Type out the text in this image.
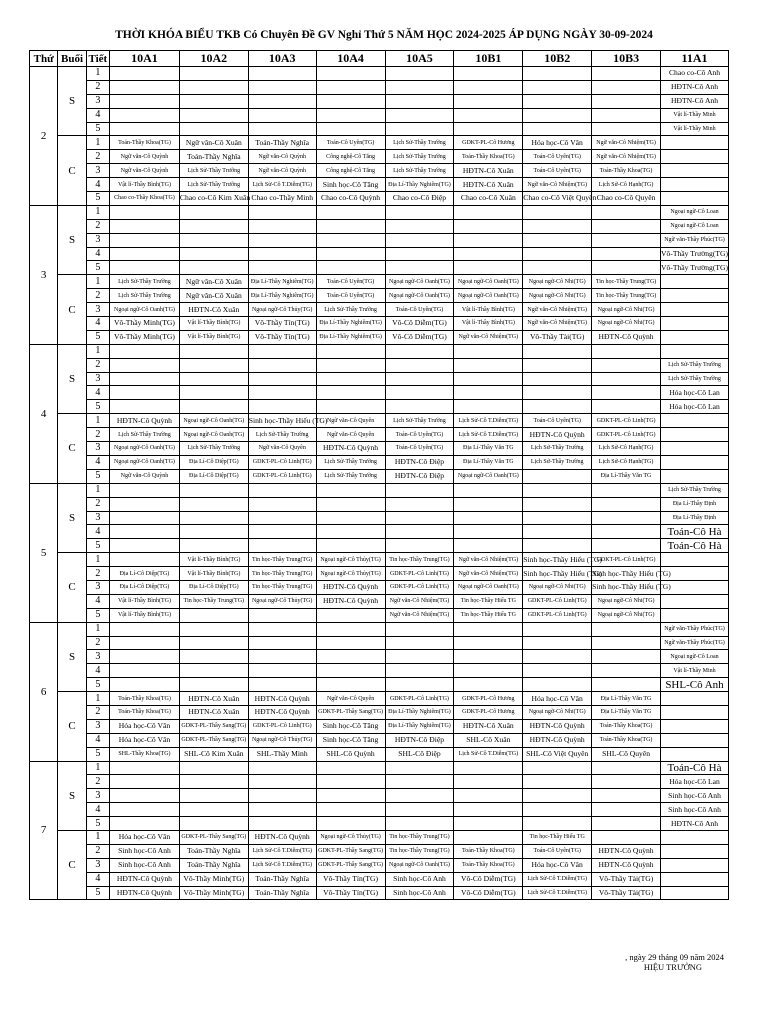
THỜI KHÓA BIỂU TKB Có Chuyên Đề GV Nghỉ Thứ 5 NĂM HỌC 2024-2025 ÁP DỤNG NGÀY 30-09-2024
Thứ	Buổi	Tiết	10A1	10A2	10A3	10A4	10A5	10B1	10B2	10B3	11A1
2	S	1									Chao co-Cô Anh
		2									HĐTN-Cô Anh
		3									HĐTN-Cô Anh
		4									Vật lí-Thầy Minh
		5									Vật lí-Thầy Minh
	C	1	Toán-Thầy Khoa(TG)	Ngữ văn-Cô Xuân	Toán-Thầy Nghĩa	Toán-Cô Uyên(TG)	Lịch Sử-Thầy Trường	GDKT-PL-Cô Hương	Hóa học-Cô Vân	Ngữ văn-Cô Nhiệm(TG)	
		2	Ngữ văn-Cô Quỳnh	Toán-Thầy Nghĩa	Ngữ văn-Cô Quỳnh	Công nghệ-Cô Tăng	Lịch Sử-Thầy Trường	Toán-Thầy Khoa(TG)	Toán-Cô Uyên(TG)	Ngữ văn-Cô Nhiệm(TG)	
		3	Ngữ văn-Cô Quỳnh	Lịch Sử-Thầy Trường	Ngữ văn-Cô Quỳnh	Công nghệ-Cô Tăng	Lịch Sử-Thầy Trường	HĐTN-Cô Xuân	Toán-Cô Uyên(TG)	Toán-Thầy Khoa(TG)	
		4	Vật lí-Thầy Bình(TG)	Lịch Sử-Thầy Trường	Lịch Sử-Cô T.Diễm(TG)	Sinh học-Cô Tăng	Địa Lí-Thầy Nghiêm(TG)	HĐTN-Cô Xuân	Ngữ văn-Cô Nhiệm(TG)	Lịch Sử-Cô Hạnh(TG)	
		5	Chao co-Thầy Khoa(TG)	Chao co-Cô Kim Xuân	Chao co-Thầy Minh	Chao co-Cô Quỳnh	Chao co-Cô Điệp	Chao co-Cô Xuân	Chao co-Cô Việt Quyên	Chao co-Cô Quyên	
3	S	1									Ngoại ngữ-Cô Loan
		2									Ngoại ngữ-Cô Loan
		3									Ngữ văn-Thầy Phúc(TG)
		4									Võ-Thầy Trường(TG)
		5									Võ-Thầy Trường(TG)
	C	1	Lịch Sử-Thầy Trường	Ngữ văn-Cô Xuân	Địa Lí-Thầy Nghiêm(TG)	Toán-Cô Uyên(TG)	Ngoại ngữ-Cô Oanh(TG)	Ngoại ngữ-Cô Oanh(TG)	Ngoại ngữ-Cô Nhi(TG)	Tin học-Thầy Trung(TG)	
		2	Lịch Sử-Thầy Trường	Ngữ văn-Cô Xuân	Địa Lí-Thầy Nghiêm(TG)	Toán-Cô Uyên(TG)	Ngoại ngữ-Cô Oanh(TG)	Ngoại ngữ-Cô Oanh(TG)	Ngoại ngữ-Cô Nhi(TG)	Tin học-Thầy Trung(TG)	
		3	Ngoại ngữ-Cô Oanh(TG)	HĐTN-Cô Xuân	Ngoại ngữ-Cô Thủy(TG)	Lịch Sử-Thầy Trường	Toán-Cô Uyên(TG)	Vật lí-Thầy Bình(TG)	Ngữ văn-Cô Nhiệm(TG)	Ngoại ngữ-Cô Nhi(TG)	
		4	Võ-Thầy Minh(TG)	Vật lí-Thầy Bình(TG)	Võ-Thầy Tín(TG)	Địa Lí-Thầy Nghiêm(TG)	Võ-Cô Diễm(TG)	Vật lí-Thầy Bình(TG)	Ngữ văn-Cô Nhiệm(TG)	Ngoại ngữ-Cô Nhi(TG)	
		5	Võ-Thầy Minh(TG)	Vật lí-Thầy Bình(TG)	Võ-Thầy Tín(TG)	Địa Lí-Thầy Nghiêm(TG)	Võ-Cô Diễm(TG)	Ngữ văn-Cô Nhiệm(TG)	Võ-Thầy Tài(TG)	HĐTN-Cô Quỳnh	
4	S	1									
		2									Lịch Sử-Thầy Trường
		3									Lịch Sử-Thầy Trường
		4									Hóa học-Cô Lan
		5									Hóa học-Cô Lan
	C	1	HĐTN-Cô Quỳnh	Ngoại ngữ-Cô Oanh(TG)	Sinh học-Thầy Hiếu (TG)	Ngữ văn-Cô Quyên	Lịch Sử-Thầy Trường	Lịch Sử-Cô T.Diễm(TG)	Toán-Cô Uyên(TG)	GDKT-PL-Cô Linh(TG)	
		2	Lịch Sử-Thầy Trường	Ngoại ngữ-Cô Oanh(TG)	Lịch Sử-Thầy Trường	Ngữ văn-Cô Quyên	Toán-Cô Uyên(TG)	Lịch Sử-Cô T.Diễm(TG)	HĐTN-Cô Quỳnh	GDKT-PL-Cô Linh(TG)	
		3	Ngoại ngữ-Cô Oanh(TG)	Lịch Sử-Thầy Trường	Ngữ văn-Cô Quyên	HĐTN-Cô Quỳnh	Toán-Cô Uyên(TG)	Địa Lí-Thầy Văn TG	Lịch Sử-Thầy Trường	Lịch Sử-Cô Hạnh(TG)	
		4	Ngoại ngữ-Cô Oanh(TG)	Địa Lí-Cô Diệp(TG)	GDKT-PL-Cô Linh(TG)	Lịch Sử-Thầy Trường	HĐTN-Cô Điệp	Địa Lí-Thầy Văn TG	Lịch Sử-Thầy Trường	Lịch Sử-Cô Hạnh(TG)	
		5	Ngữ văn-Cô Quỳnh	Địa Lí-Cô Diệp(TG)	GDKT-PL-Cô Linh(TG)	Lịch Sử-Thầy Trường	HĐTN-Cô Điệp	Ngoại ngữ-Cô Oanh(TG)		Địa Lí-Thầy Văn TG	
5	S	1									Lịch Sử-Thầy Trường
		2									Địa Lí-Thầy Định
		3									Địa Lí-Thầy Định
		4									Toán-Cô Hà
		5									Toán-Cô Hà
	C	1		Vật lí-Thầy Bình(TG)	Tin học-Thầy Trung(TG)	Ngoại ngữ-Cô Thủy(TG)	Tin học-Thầy Trung(TG)	Ngữ văn-Cô Nhiệm(TG)	Sinh học-Thầy Hiếu (TG)	GDKT-PL-Cô Linh(TG)	
		2	Địa Lí-Cô Diệp(TG)	Vật lí-Thầy Bình(TG)	Tin học-Thầy Trung(TG)	Ngoại ngữ-Cô Thủy(TG)	GDKT-PL-Cô Linh(TG)	Ngữ văn-Cô Nhiệm(TG)	Sinh học-Thầy Hiếu (TG)	Sinh học-Thầy Hiếu (TG)	
		3	Địa Lí-Cô Diệp(TG)	Địa Lí-Cô Diệp(TG)	Tin học-Thầy Trung(TG)	HĐTN-Cô Quỳnh	GDKT-PL-Cô Linh(TG)	Ngoại ngữ-Cô Oanh(TG)	Ngoại ngữ-Cô Nhi(TG)	Sinh học-Thầy Hiếu (TG)	
		4	Vật lí-Thầy Bình(TG)	Tin học-Thầy Trung(TG)	Ngoại ngữ-Cô Thủy(TG)	HĐTN-Cô Quỳnh	Ngữ văn-Cô Nhiệm(TG)	Tin học-Thầy Hiếu TG	GDKT-PL-Cô Linh(TG)	Ngoại ngữ-Cô Nhi(TG)	
		5	Vật lí-Thầy Bình(TG)				Ngữ văn-Cô Nhiệm(TG)	Tin học-Thầy Hiếu TG	GDKT-PL-Cô Linh(TG)	Ngoại ngữ-Cô Nhi(TG)	
6	S	1									Ngữ văn-Thầy Phúc(TG)
		2									Ngữ văn-Thầy Phúc(TG)
		3									Ngoại ngữ-Cô Loan
		4									Vật lí-Thầy Minh
		5									SHL-Cô Anh
	C	1	Toán-Thầy Khoa(TG)	HĐTN-Cô Xuân	HĐTN-Cô Quỳnh	Ngữ văn-Cô Quyên	GDKT-PL-Cô Linh(TG)	GDKT-PL-Cô Hương	Hóa học-Cô Vân	Địa Lí-Thầy Văn TG	
		2	Toán-Thầy Khoa(TG)	HĐTN-Cô Xuân	HĐTN-Cô Quỳnh	GDKT-PL-Thầy Sang(TG)	Địa Lí-Thầy Nghiêm(TG)	GDKT-PL-Cô Hương	Ngoại ngữ-Cô Nhi(TG)	Địa Lí-Thầy Văn TG	
		3	Hóa học-Cô Vân	GDKT-PL-Thầy Sang(TG)	GDKT-PL-Cô Linh(TG)	Sinh học-Cô Tăng	Địa Lí-Thầy Nghiêm(TG)	HĐTN-Cô Xuân	HĐTN-Cô Quỳnh	Toán-Thầy Khoa(TG)	
		4	Hóa học-Cô Vân	GDKT-PL-Thầy Sang(TG)	Ngoại ngữ-Cô Thủy(TG)	Sinh học-Cô Tăng	HĐTN-Cô Điệp	SHL-Cô Xuân	HĐTN-Cô Quỳnh	Toán-Thầy Khoa(TG)	
		5	SHL-Thầy Khoa(TG)	SHL-Cô Kim Xuân	SHL-Thầy Minh	SHL-Cô Quỳnh	SHL-Cô Điệp	Lịch Sử-Cô T.Diễm(TG)	SHL-Cô Việt Quyên	SHL-Cô Quyên	
7	S	1									Toán-Cô Hà
		2									Hóa học-Cô Lan
		3									Sinh học-Cô Anh
		4									Sinh học-Cô Anh
		5									HĐTN-Cô Anh
	C	1	Hóa học-Cô Vân	GDKT-PL-Thầy Sang(TG)	HĐTN-Cô Quỳnh	Ngoại ngữ-Cô Thủy(TG)	Tin học-Thầy Trung(TG)		Tin học-Thầy Hiếu TG		
		2	Sinh học-Cô Anh	Toán-Thầy Nghĩa	Lịch Sử-Cô T.Diễm(TG)	GDKT-PL-Thầy Sang(TG)	Tin học-Thầy Trung(TG)	Toán-Thầy Khoa(TG)	Toán-Cô Uyên(TG)	HĐTN-Cô Quỳnh	
		3	Sinh học-Cô Anh	Toán-Thầy Nghĩa	Lịch Sử-Cô T.Diễm(TG)	GDKT-PL-Thầy Sang(TG)	Ngoại ngữ-Cô Oanh(TG)	Toán-Thầy Khoa(TG)	Hóa học-Cô Vân	HĐTN-Cô Quỳnh	
		4	HĐTN-Cô Quỳnh	Võ-Thầy Minh(TG)	Toán-Thầy Nghĩa	Võ-Thầy Tín(TG)	Sinh học-Cô Anh	Võ-Cô Diễm(TG)	Lịch Sử-Cô T.Diễm(TG)	Võ-Thầy Tài(TG)	
		5	HĐTN-Cô Quỳnh	Võ-Thầy Minh(TG)	Toán-Thầy Nghĩa	Võ-Thầy Tín(TG)	Sinh học-Cô Anh	Võ-Cô Diễm(TG)	Lịch Sử-Cô T.Diễm(TG)	Võ-Thầy Tài(TG)	
, ngày 29 tháng 09 năm 2024
HIỆU TRƯỞNG
